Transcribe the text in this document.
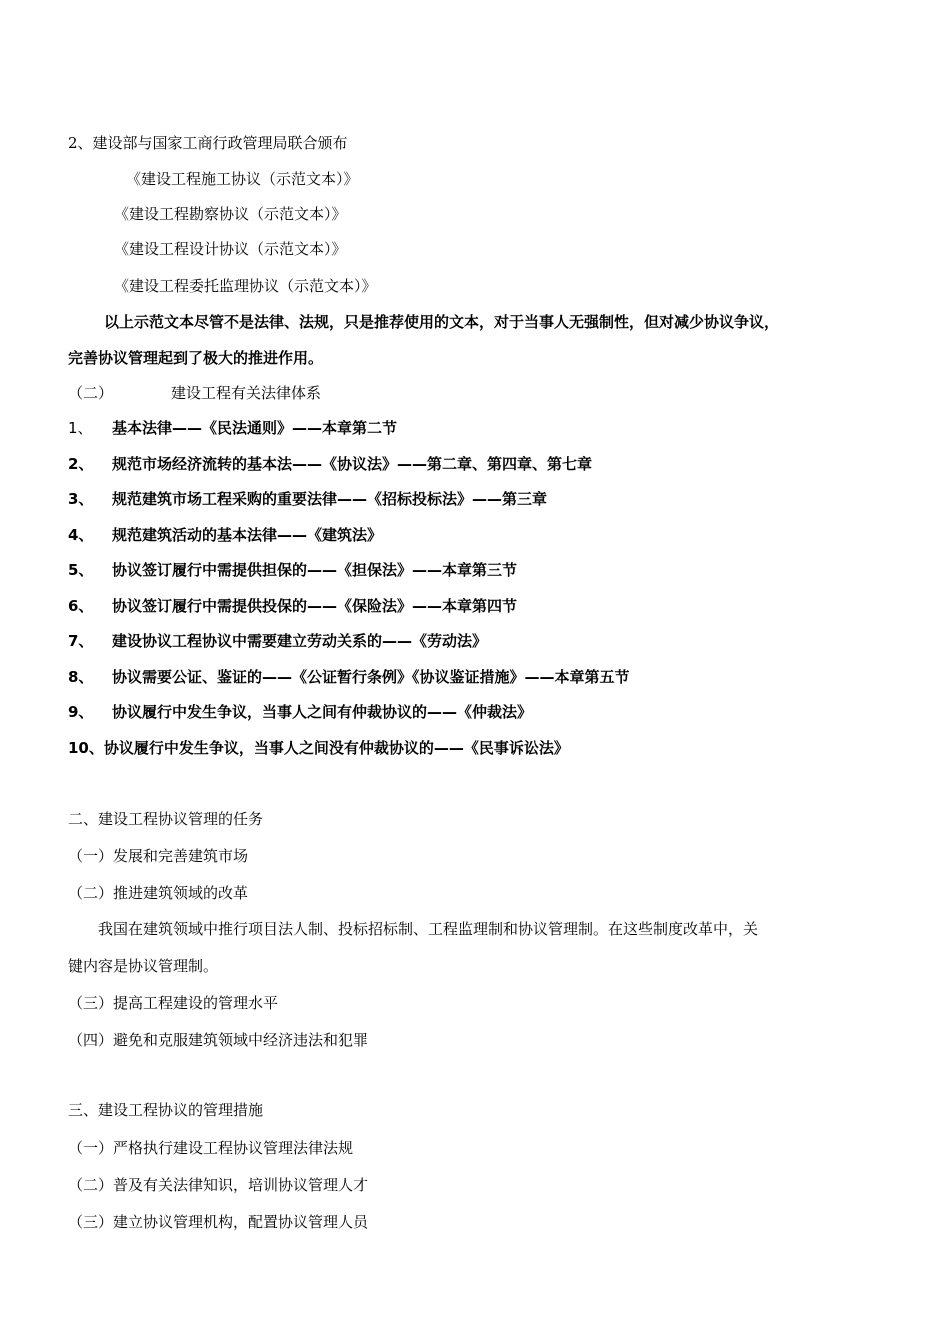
2、建设部与国家工商行政管理局联合颁布
《建设工程施工协议（示范文本）》
《建设工程勘察协议（示范文本）》
《建设工程设计协议（示范文本）》
《建设工程委托监理协议（示范文本）》
以上示范文本尽管不是法律、法规，只是推荐使用的文本，对于当事人无强制性，但对减少协议争议，
完善协议管理起到了极大的推进作用。
（二）	建设工程有关法律体系
1、 基本法律——《民法通则》——本章第二节
2、 规范市场经济流转的基本法——《协议法》——第二章、第四章、第七章
3、 规范建筑市场工程采购的重要法律——《招标投标法》——第三章
4、 规范建筑活动的基本法律——《建筑法》
5、 协议签订履行中需提供担保的——《担保法》——本章第三节
6、 协议签订履行中需提供投保的——《保险法》——本章第四节
7、 建设协议工程协议中需要建立劳动关系的——《劳动法》
8、 协议需要公证、鉴证的——《公证暂行条例》《协议鉴证措施》——本章第五节
9、 协议履行中发生争议，当事人之间有仲裁协议的——《仲裁法》
10、协议履行中发生争议，当事人之间没有仲裁协议的——《民事诉讼法》
二、建设工程协议管理的任务
（一）发展和完善建筑市场
（二）推进建筑领域的改革
我国在建筑领域中推行项目法人制、投标招标制、工程监理制和协议管理制。在这些制度改革中，关
键内容是协议管理制。
（三）提高工程建设的管理水平
（四）避免和克服建筑领域中经济违法和犯罪
三、建设工程协议的管理措施
（一）严格执行建设工程协议管理法律法规
（二）普及有关法律知识，培训协议管理人才
（三）建立协议管理机构，配置协议管理人员
